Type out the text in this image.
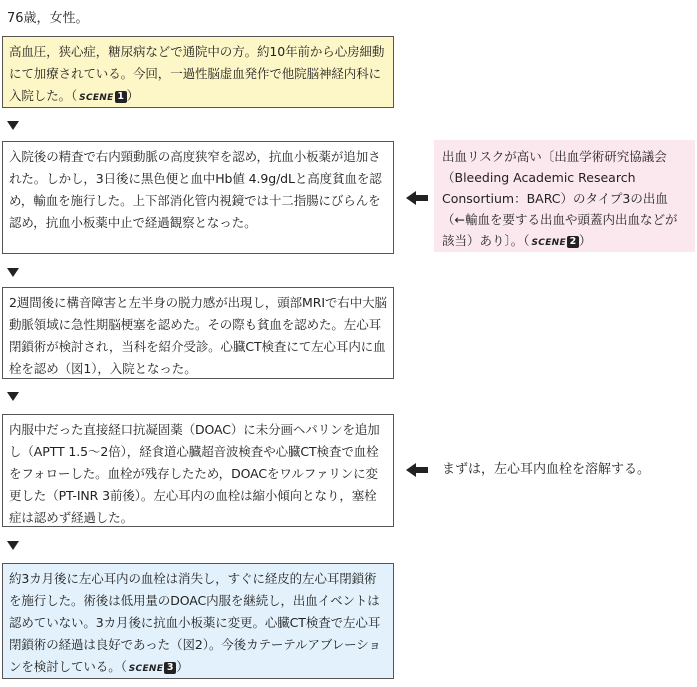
76歳，女性。

高血圧，狭心症，糖尿病などで通院中の方。約10年前から心房細動にて加療されている。今回，一過性脳虚血発作で他院脳神経内科に入院した。（ SCENE 1 ）

入院後の精査で右内頸動脈の高度狭窄を認め，抗血小板薬が追加された。しかし，3日後に黒色便と血中Hb値 4.9g/dLと高度貧血を認め，輸血を施行した。上下部消化管内視鏡では十二指腸にびらんを認め，抗血小板薬中止で経過観察となった。

出血リスクが高い〔出血学術研究協議会（Bleeding Academic Research Consortium：BARC）のタイプ3の出血（←輸血を要する出血や頭蓋内出血などが該当）あり〕。（ SCENE 2 ）

2週間後に構音障害と左半身の脱力感が出現し，頭部MRIで右中大脳動脈領域に急性期脳梗塞を認めた。その際も貧血を認めた。左心耳閉鎖術が検討され，当科を紹介受診。心臓CT検査にて左心耳内に血栓を認め（図1），入院となった。

内服中だった直接経口抗凝固薬（DOAC）に未分画ヘパリンを追加し（APTT 1.5〜2倍），経食道心臓超音波検査や心臓CT検査で血栓をフォローした。血栓が残存したため，DOACをワルファリンに変更した（PT-INR 3前後）。左心耳内の血栓は縮小傾向となり，塞栓症は認めず経過した。

まずは，左心耳内血栓を溶解する。

約3カ月後に左心耳内の血栓は消失し，すぐに経皮的左心耳閉鎖術を施行した。術後は低用量のDOAC内服を継続し，出血イベントは認めていない。3カ月後に抗血小板薬に変更。心臓CT検査で左心耳閉鎖術の経過は良好であった（図2）。今後カテーテルアブレーションを検討している。（ SCENE 3 ）
